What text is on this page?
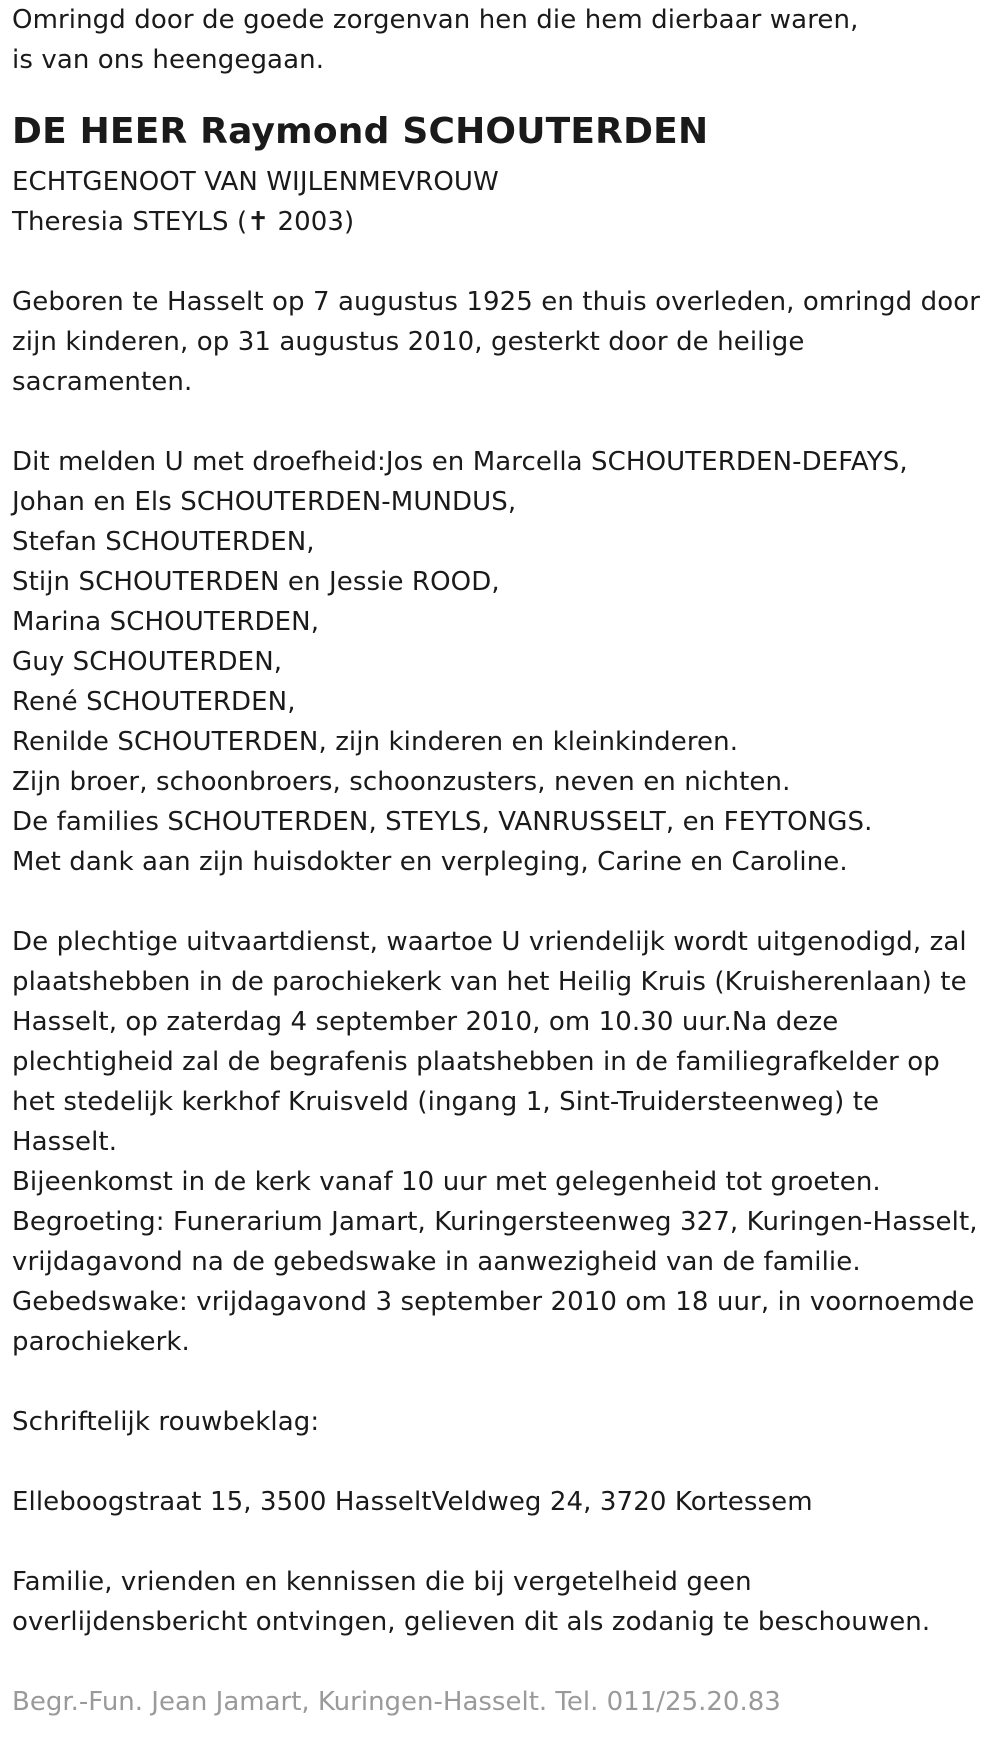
Omringd door de goede zorgenvan hen die hem dierbaar waren,
is van ons heengegaan.
DE HEER Raymond SCHOUTERDEN
ECHTGENOOT VAN WIJLENMEVROUW
Theresia STEYLS (✝ 2003)
Geboren te Hasselt op 7 augustus 1925 en thuis overleden, omringd door
zijn kinderen, op 31 augustus 2010, gesterkt door de heilige
sacramenten.
Dit melden U met droefheid:Jos en Marcella SCHOUTERDEN-DEFAYS,
Johan en Els SCHOUTERDEN-MUNDUS,
Stefan SCHOUTERDEN,
Stijn SCHOUTERDEN en Jessie ROOD,
Marina SCHOUTERDEN,
Guy SCHOUTERDEN,
René SCHOUTERDEN,
Renilde SCHOUTERDEN, zijn kinderen en kleinkinderen.
Zijn broer, schoonbroers, schoonzusters, neven en nichten.
De families SCHOUTERDEN, STEYLS, VANRUSSELT, en FEYTONGS.
Met dank aan zijn huisdokter en verpleging, Carine en Caroline.
De plechtige uitvaartdienst, waartoe U vriendelijk wordt uitgenodigd, zal
plaatshebben in de parochiekerk van het Heilig Kruis (Kruisherenlaan) te
Hasselt, op zaterdag 4 september 2010, om 10.30 uur.Na deze
plechtigheid zal de begrafenis plaatshebben in de familiegrafkelder op
het stedelijk kerkhof Kruisveld (ingang 1, Sint-Truidersteenweg) te
Hasselt.
Bijeenkomst in de kerk vanaf 10 uur met gelegenheid tot groeten.
Begroeting: Funerarium Jamart, Kuringersteenweg 327, Kuringen-Hasselt,
vrijdagavond na de gebedswake in aanwezigheid van de familie.
Gebedswake: vrijdagavond 3 september 2010 om 18 uur, in voornoemde
parochiekerk.
Schriftelijk rouwbeklag:
Elleboogstraat 15, 3500 HasseltVeldweg 24, 3720 Kortessem
Familie, vrienden en kennissen die bij vergetelheid geen
overlijdensbericht ontvingen, gelieven dit als zodanig te beschouwen.
Begr.-Fun. Jean Jamart, Kuringen-Hasselt. Tel. 011/25.20.83
